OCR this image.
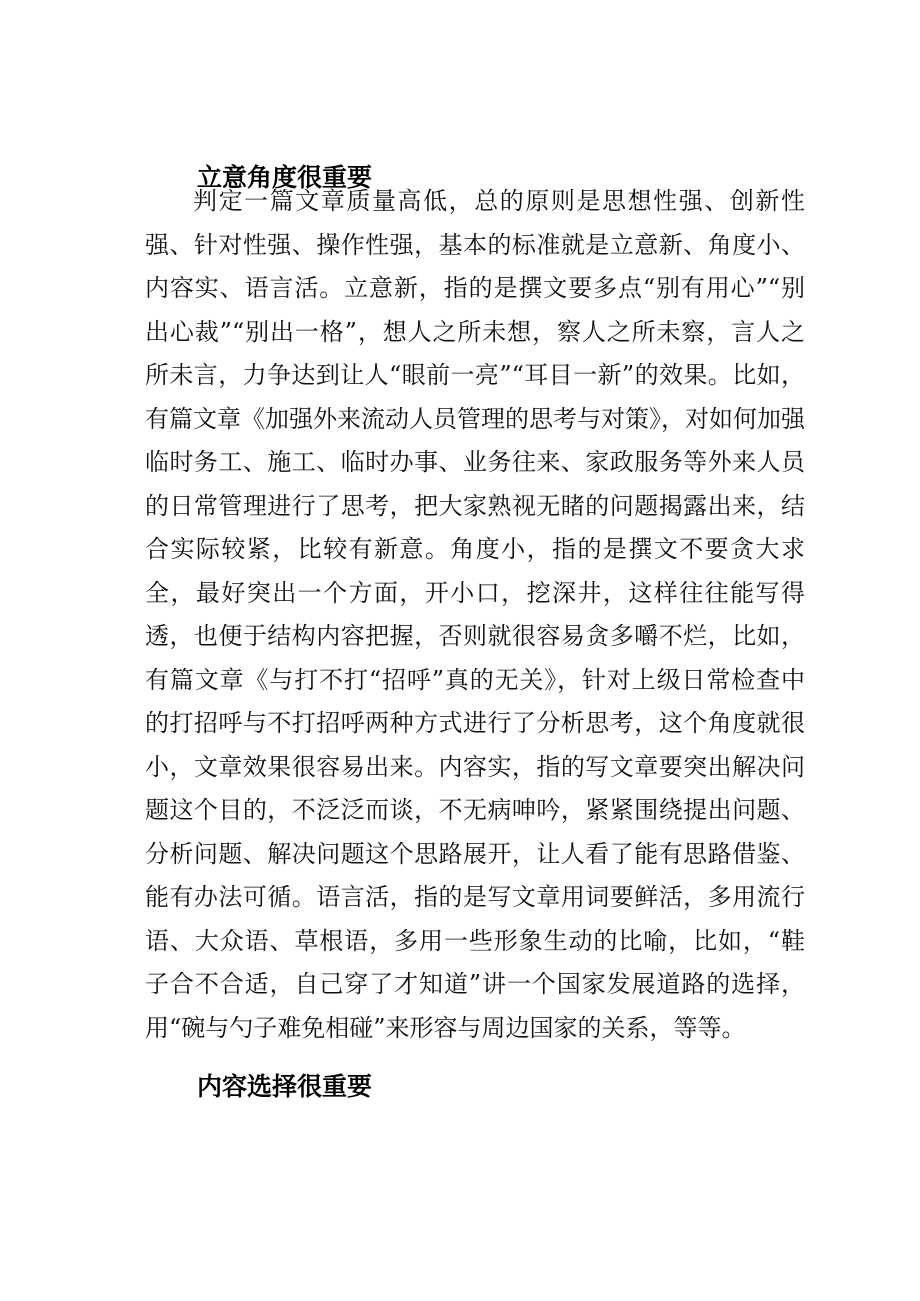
立意角度很重要

判定一篇文章质量高低，总的原则是思想性强、创新性强、针对性强、操作性强，基本的标准就是立意新、角度小、内容实、语言活。立意新，指的是撰文要多点“别有用心”“别出心裁”“别出一格”，想人之所未想，察人之所未察，言人之所未言，力争达到让人“眼前一亮”“耳目一新”的效果。比如，有篇文章《加强外来流动人员管理的思考与对策》，对如何加强临时务工、施工、临时办事、业务往来、家政服务等外来人员的日常管理进行了思考，把大家熟视无睹的问题揭露出来，结合实际较紧，比较有新意。角度小，指的是撰文不要贪大求全，最好突出一个方面，开小口，挖深井，这样往往能写得透，也便于结构内容把握，否则就很容易贪多嚼不烂，比如，有篇文章《与打不打“招呼”真的无关》，针对上级日常检查中的打招呼与不打招呼两种方式进行了分析思考，这个角度就很小，文章效果很容易出来。内容实，指的写文章要突出解决问题这个目的，不泛泛而谈，不无病呻吟，紧紧围绕提出问题、分析问题、解决问题这个思路展开，让人看了能有思路借鉴、能有办法可循。语言活，指的是写文章用词要鲜活，多用流行语、大众语、草根语，多用一些形象生动的比喻，比如，“鞋子合不合适，自己穿了才知道”讲一个国家发展道路的选择，用“碗与勺子难免相碰”来形容与周边国家的关系，等等。

内容选择很重要
